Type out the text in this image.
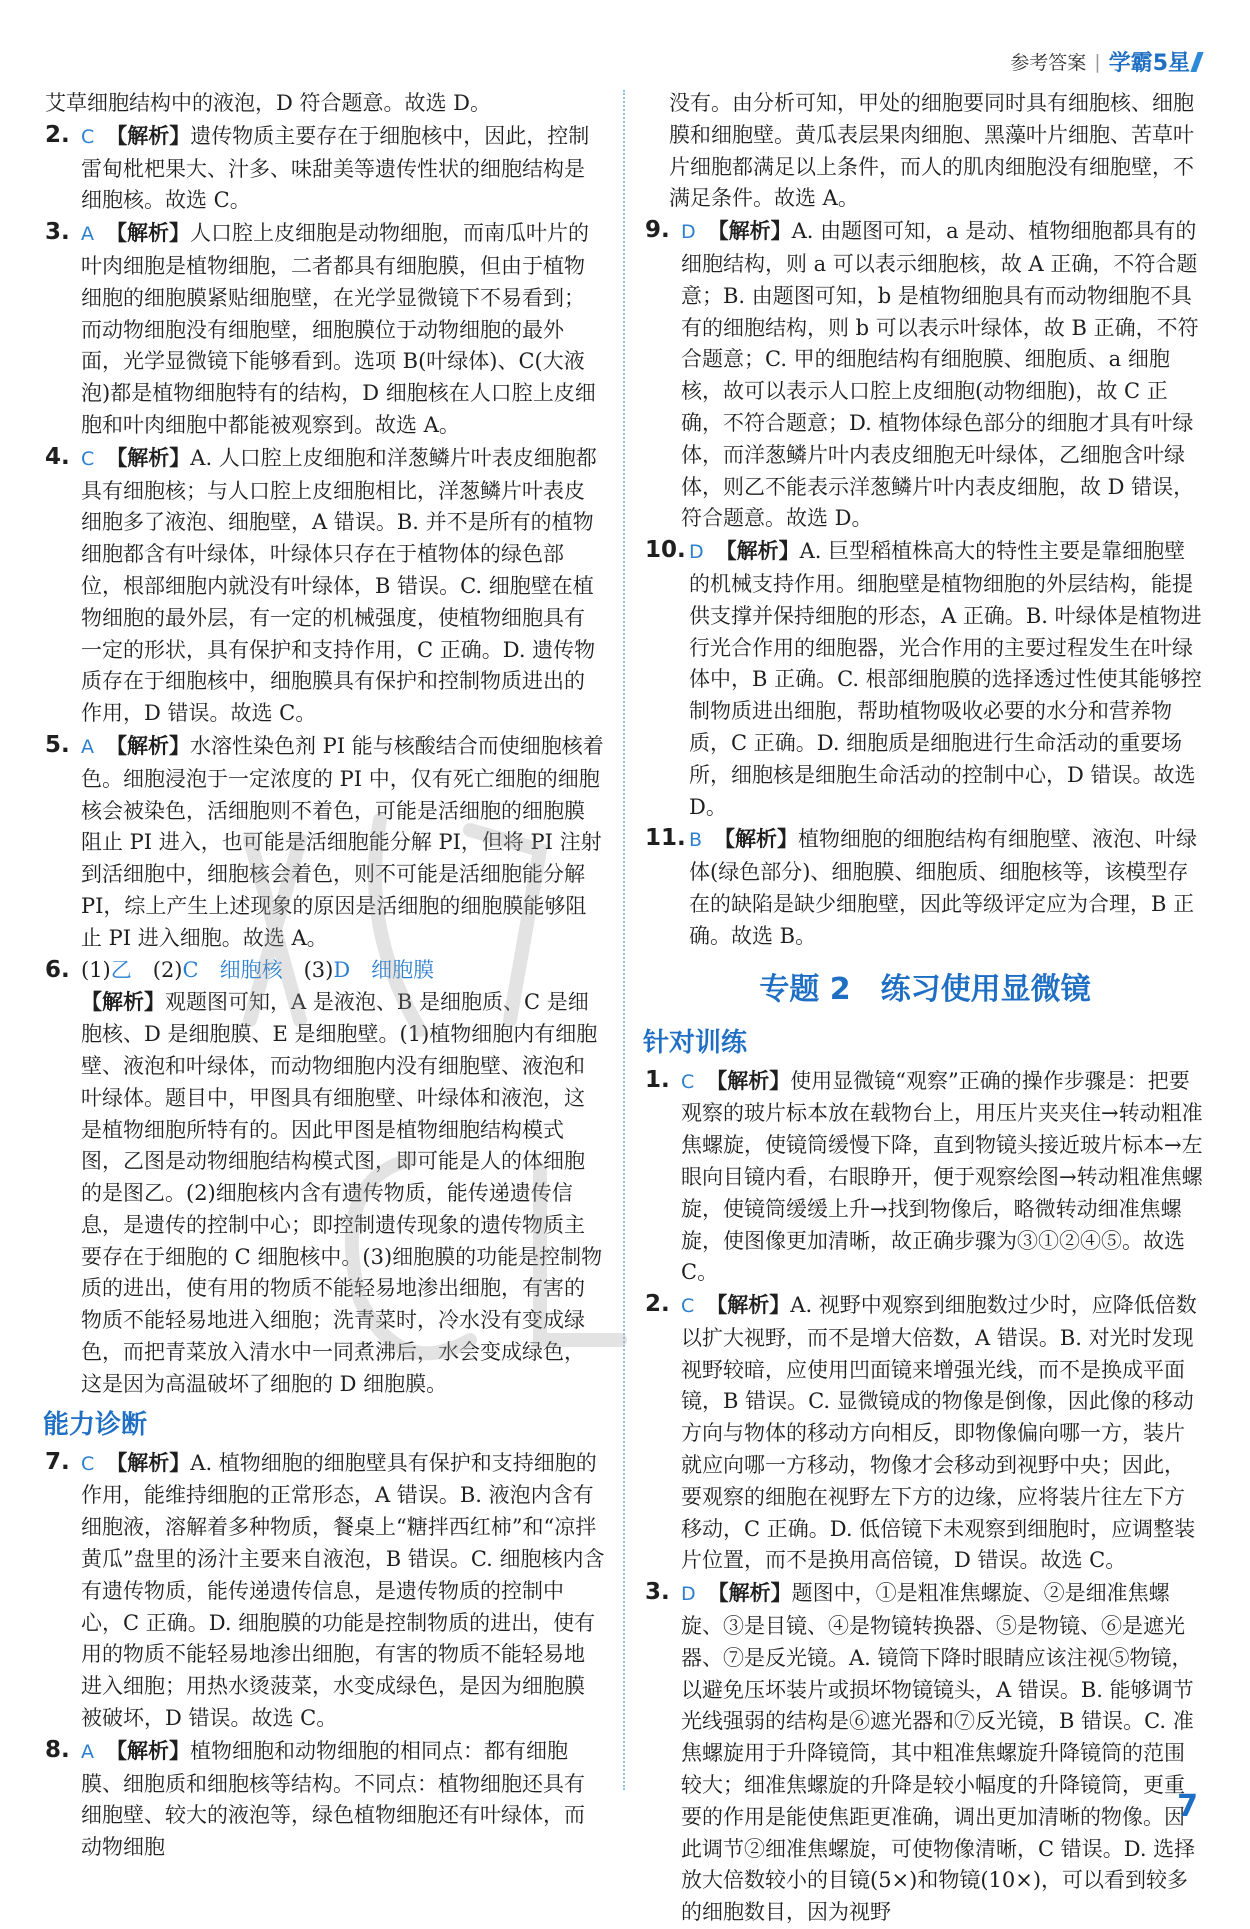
参考答案 | 学霸5星
艾草细胞结构中的液泡，D 符合题意。故选 D。
2. C 【解析】遗传物质主要存在于细胞核中，因此，控制雷甸枇杷果大、汁多、味甜美等遗传性状的细胞结构是细胞核。故选 C。
3. A 【解析】人口腔上皮细胞是动物细胞，而南瓜叶片的叶肉细胞是植物细胞，二者都具有细胞膜，但由于植物细胞的细胞膜紧贴细胞壁，在光学显微镜下不易看到；而动物细胞没有细胞壁，细胞膜位于动物细胞的最外面，光学显微镜下能够看到。选项 B(叶绿体)、C(大液泡)都是植物细胞特有的结构，D 细胞核在人口腔上皮细胞和叶肉细胞中都能被观察到。故选 A。
4. C 【解析】A. 人口腔上皮细胞和洋葱鳞片叶表皮细胞都具有细胞核；与人口腔上皮细胞相比，洋葱鳞片叶表皮细胞多了液泡、细胞壁，A 错误。B. 并不是所有的植物细胞都含有叶绿体，叶绿体只存在于植物体的绿色部位，根部细胞内就没有叶绿体，B 错误。C. 细胞壁在植物细胞的最外层，有一定的机械强度，使植物细胞具有一定的形状，具有保护和支持作用，C 正确。D. 遗传物质存在于细胞核中，细胞膜具有保护和控制物质进出的作用，D 错误。故选 C。
5. A 【解析】水溶性染色剂 PI 能与核酸结合而使细胞核着色。细胞浸泡于一定浓度的 PI 中，仅有死亡细胞的细胞核会被染色，活细胞则不着色，可能是活细胞的细胞膜阻止 PI 进入，也可能是活细胞能分解 PI，但将 PI 注射到活细胞中，细胞核会着色，则不可能是活细胞能分解 PI，综上产生上述现象的原因是活细胞的细胞膜能够阻止 PI 进入细胞。故选 A。
6. (1)乙　 (2)C　细胞核　 (3)D　细胞膜
【解析】观题图可知，A 是液泡、B 是细胞质、C 是细胞核、D 是细胞膜、E 是细胞壁。(1)植物细胞内有细胞壁、液泡和叶绿体，而动物细胞内没有细胞壁、液泡和叶绿体。题目中，甲图具有细胞壁、叶绿体和液泡，这是植物细胞所特有的。因此甲图是植物细胞结构模式图，乙图是动物细胞结构模式图，即可能是人的体细胞的是图乙。(2)细胞核内含有遗传物质，能传递遗传信息，是遗传的控制中心；即控制遗传现象的遗传物质主要存在于细胞的 C 细胞核中。(3)细胞膜的功能是控制物质的进出，使有用的物质不能轻易地渗出细胞，有害的物质不能轻易地进入细胞；洗青菜时，冷水没有变成绿色，而把青菜放入清水中一同煮沸后，水会变成绿色，这是因为高温破坏了细胞的 D 细胞膜。
能力诊断
7. C 【解析】A. 植物细胞的细胞壁具有保护和支持细胞的作用，能维持细胞的正常形态，A 错误。B. 液泡内含有细胞液，溶解着多种物质，餐桌上“糖拌西红柿”和“凉拌黄瓜”盘里的汤汁主要来自液泡，B 错误。C. 细胞核内含有遗传物质，能传递遗传信息，是遗传物质的控制中心，C 正确。D. 细胞膜的功能是控制物质的进出，使有用的物质不能轻易地渗出细胞，有害的物质不能轻易地进入细胞；用热水烫菠菜，水变成绿色，是因为细胞膜被破坏，D 错误。故选 C。
8. A 【解析】植物细胞和动物细胞的相同点：都有细胞膜、细胞质和细胞核等结构。不同点：植物细胞还具有细胞壁、较大的液泡等，绿色植物细胞还有叶绿体，而动物细胞
没有。由分析可知，甲处的细胞要同时具有细胞核、细胞膜和细胞壁。黄瓜表层果肉细胞、黑藻叶片细胞、苦草叶片细胞都满足以上条件，而人的肌肉细胞没有细胞壁，不满足条件。故选 A。
9. D 【解析】A. 由题图可知，a 是动、植物细胞都具有的细胞结构，则 a 可以表示细胞核，故 A 正确，不符合题意；B. 由题图可知，b 是植物细胞具有而动物细胞不具有的细胞结构，则 b 可以表示叶绿体，故 B 正确，不符合题意；C. 甲的细胞结构有细胞膜、细胞质、a 细胞核，故可以表示人口腔上皮细胞(动物细胞)，故 C 正确，不符合题意；D. 植物体绿色部分的细胞才具有叶绿体，而洋葱鳞片叶内表皮细胞无叶绿体，乙细胞含叶绿体，则乙不能表示洋葱鳞片叶内表皮细胞，故 D 错误，符合题意。故选 D。
10. D 【解析】A. 巨型稻植株高大的特性主要是靠细胞壁的机械支持作用。细胞壁是植物细胞的外层结构，能提供支撑并保持细胞的形态，A 正确。B. 叶绿体是植物进行光合作用的细胞器，光合作用的主要过程发生在叶绿体中，B 正确。C. 根部细胞膜的选择透过性使其能够控制物质进出细胞，帮助植物吸收必要的水分和营养物质，C 正确。D. 细胞质是细胞进行生命活动的重要场所，细胞核是细胞生命活动的控制中心，D 错误。故选 D。
11. B 【解析】植物细胞的细胞结构有细胞壁、液泡、叶绿体(绿色部分)、细胞膜、细胞质、细胞核等，该模型存在的缺陷是缺少细胞壁，因此等级评定应为合理，B 正确。故选 B。
专题 2　练习使用显微镜
针对训练
1. C 【解析】使用显微镜“观察”正确的操作步骤是：把要观察的玻片标本放在载物台上，用压片夹夹住→转动粗准焦螺旋，使镜筒缓慢下降，直到物镜头接近玻片标本→左眼向目镜内看，右眼睁开，便于观察绘图→转动粗准焦螺旋，使镜筒缓缓上升→找到物像后，略微转动细准焦螺旋，使图像更加清晰，故正确步骤为③①②④⑤。故选 C。
2. C 【解析】A. 视野中观察到细胞数过少时，应降低倍数以扩大视野，而不是增大倍数，A 错误。B. 对光时发现视野较暗，应使用凹面镜来增强光线，而不是换成平面镜，B 错误。C. 显微镜成的物像是倒像，因此像的移动方向与物体的移动方向相反，即物像偏向哪一方，装片就应向哪一方移动，物像才会移动到视野中央；因此，要观察的细胞在视野左下方的边缘，应将装片往左下方移动，C 正确。D. 低倍镜下未观察到细胞时，应调整装片位置，而不是换用高倍镜，D 错误。故选 C。
3. D 【解析】题图中，①是粗准焦螺旋、②是细准焦螺旋、③是目镜、④是物镜转换器、⑤是物镜、⑥是遮光器、⑦是反光镜。A. 镜筒下降时眼睛应该注视⑤物镜，以避免压坏装片或损坏物镜镜头，A 错误。B. 能够调节光线强弱的结构是⑥遮光器和⑦反光镜，B 错误。C. 准焦螺旋用于升降镜筒，其中粗准焦螺旋升降镜筒的范围较大；细准焦螺旋的升降是较小幅度的升降镜筒，更重要的作用是能使焦距更准确，调出更加清晰的物像。因此调节②细准焦螺旋，可使物像清晰，C 错误。D. 选择放大倍数较小的目镜(5×)和物镜(10×)，可以看到较多的细胞数目，因为视野
7
